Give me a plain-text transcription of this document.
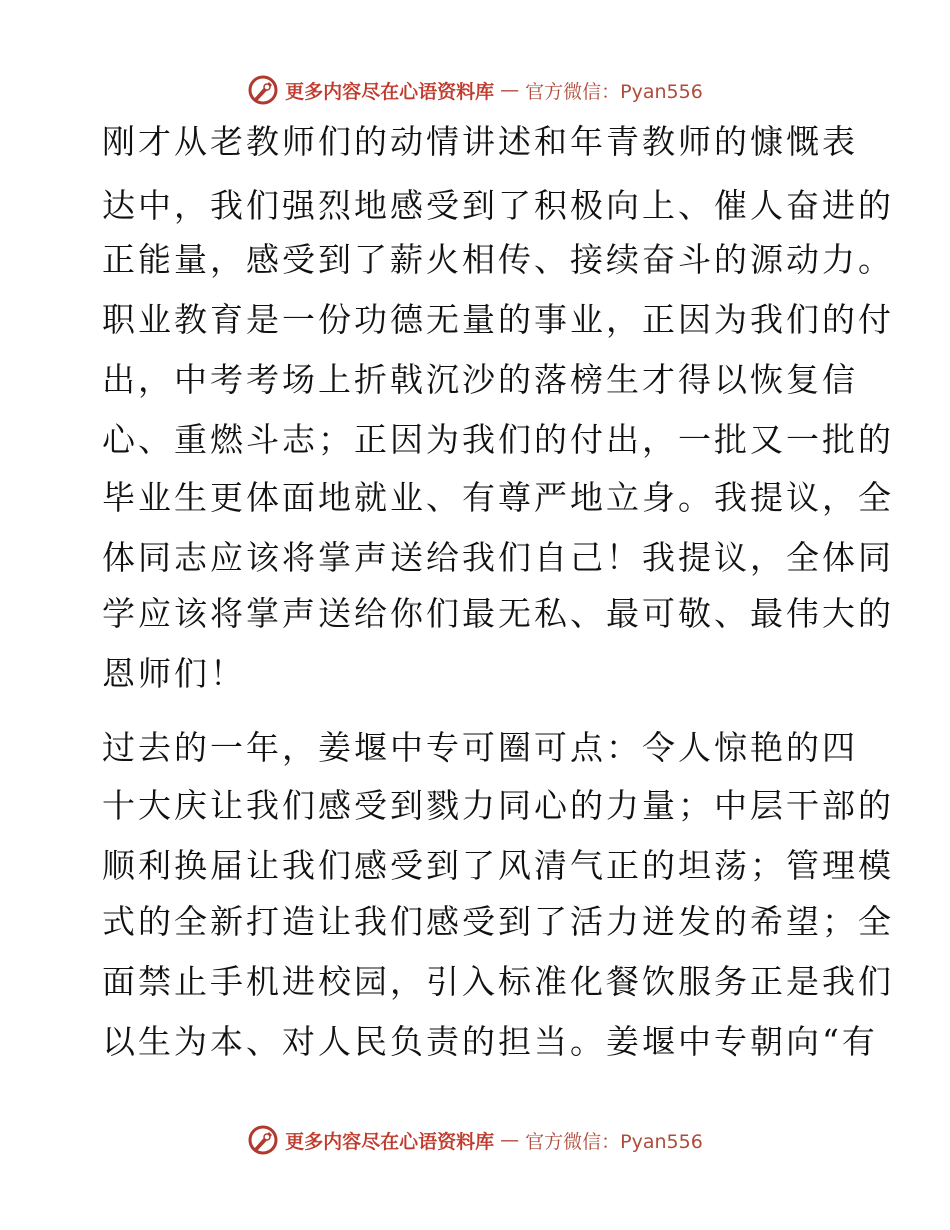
更多内容尽在心语资料库 — 官方微信：Pyan556
刚才从老教师们的动情讲述和年青教师的慷慨表
达中，我们强烈地感受到了积极向上、催人奋进的
正能量，感受到了薪火相传、接续奋斗的源动力。
职业教育是一份功德无量的事业，正因为我们的付
出，中考考场上折戟沉沙的落榜生才得以恢复信
心、重燃斗志；正因为我们的付出，一批又一批的
毕业生更体面地就业、有尊严地立身。我提议，全
体同志应该将掌声送给我们自己！我提议，全体同
学应该将掌声送给你们最无私、最可敬、最伟大的
恩师们！
过去的一年，姜堰中专可圈可点：令人惊艳的四
十大庆让我们感受到戮力同心的力量；中层干部的
顺利换届让我们感受到了风清气正的坦荡；管理模
式的全新打造让我们感受到了活力迸发的希望；全
面禁止手机进校园，引入标准化餐饮服务正是我们
以生为本、对人民负责的担当。姜堰中专朝向“有
更多内容尽在心语资料库 — 官方微信：Pyan556
